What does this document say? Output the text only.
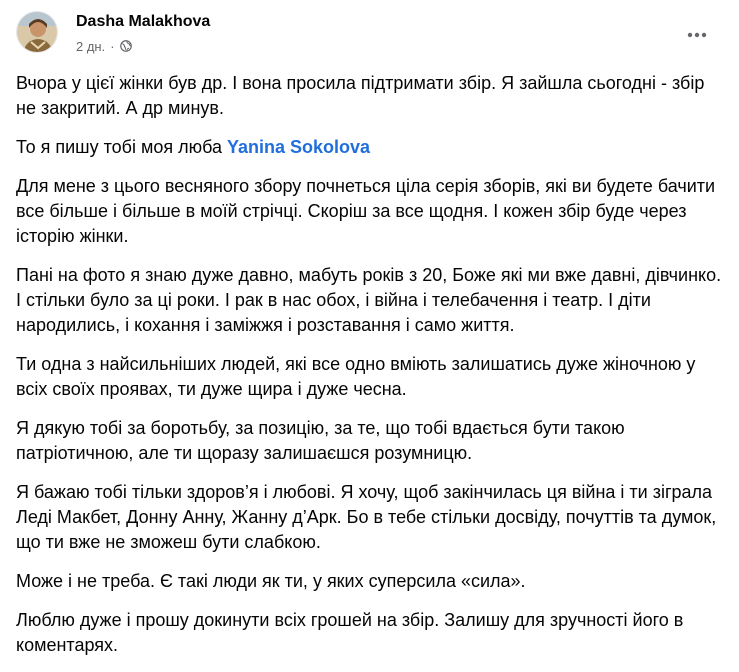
Dasha Malakhova
2 дн. ·

Вчора у цієї жінки був др. І вона просила підтримати збір. Я зайшла сьогодні - збір не закритий. А др минув.

То я пишу тобі моя люба Yanina Sokolova

Для мене з цього весняного збору почнеться ціла серія зборів, які ви будете бачити все більше і більше в моїй стрічці. Скоріш за все щодня. І кожен збір буде через історію жінки.

Пані на фото я знаю дуже давно, мабуть років з 20, Боже які ми вже давні, дівчинко. І стільки було за ці роки. І рак в нас обох, і війна і телебачення і театр. І діти народились, і кохання і заміжжя і розставання і само життя.

Ти одна з найсильніших людей, які все одно вміють залишатись дуже жіночною у всіх своїх проявах, ти дуже щира і дуже чесна.

Я дякую тобі за боротьбу, за позицію, за те, що тобі вдається бути такою патріотичною, але ти щоразу залишаєшся розумницю.

Я бажаю тобі тільки здоров’я і любові. Я хочу, щоб закінчилась ця війна і ти зіграла Леді Макбет, Донну Анну, Жанну д’Арк. Бо в тебе стільки досвіду, почуттів та думок, що ти вже не зможеш бути слабкою.

Може і не треба. Є такі люди як ти, у яких суперсила «сила».

Люблю дуже і прошу докинути всіх грошей на збір. Залишу для зручності його в коментарях.
